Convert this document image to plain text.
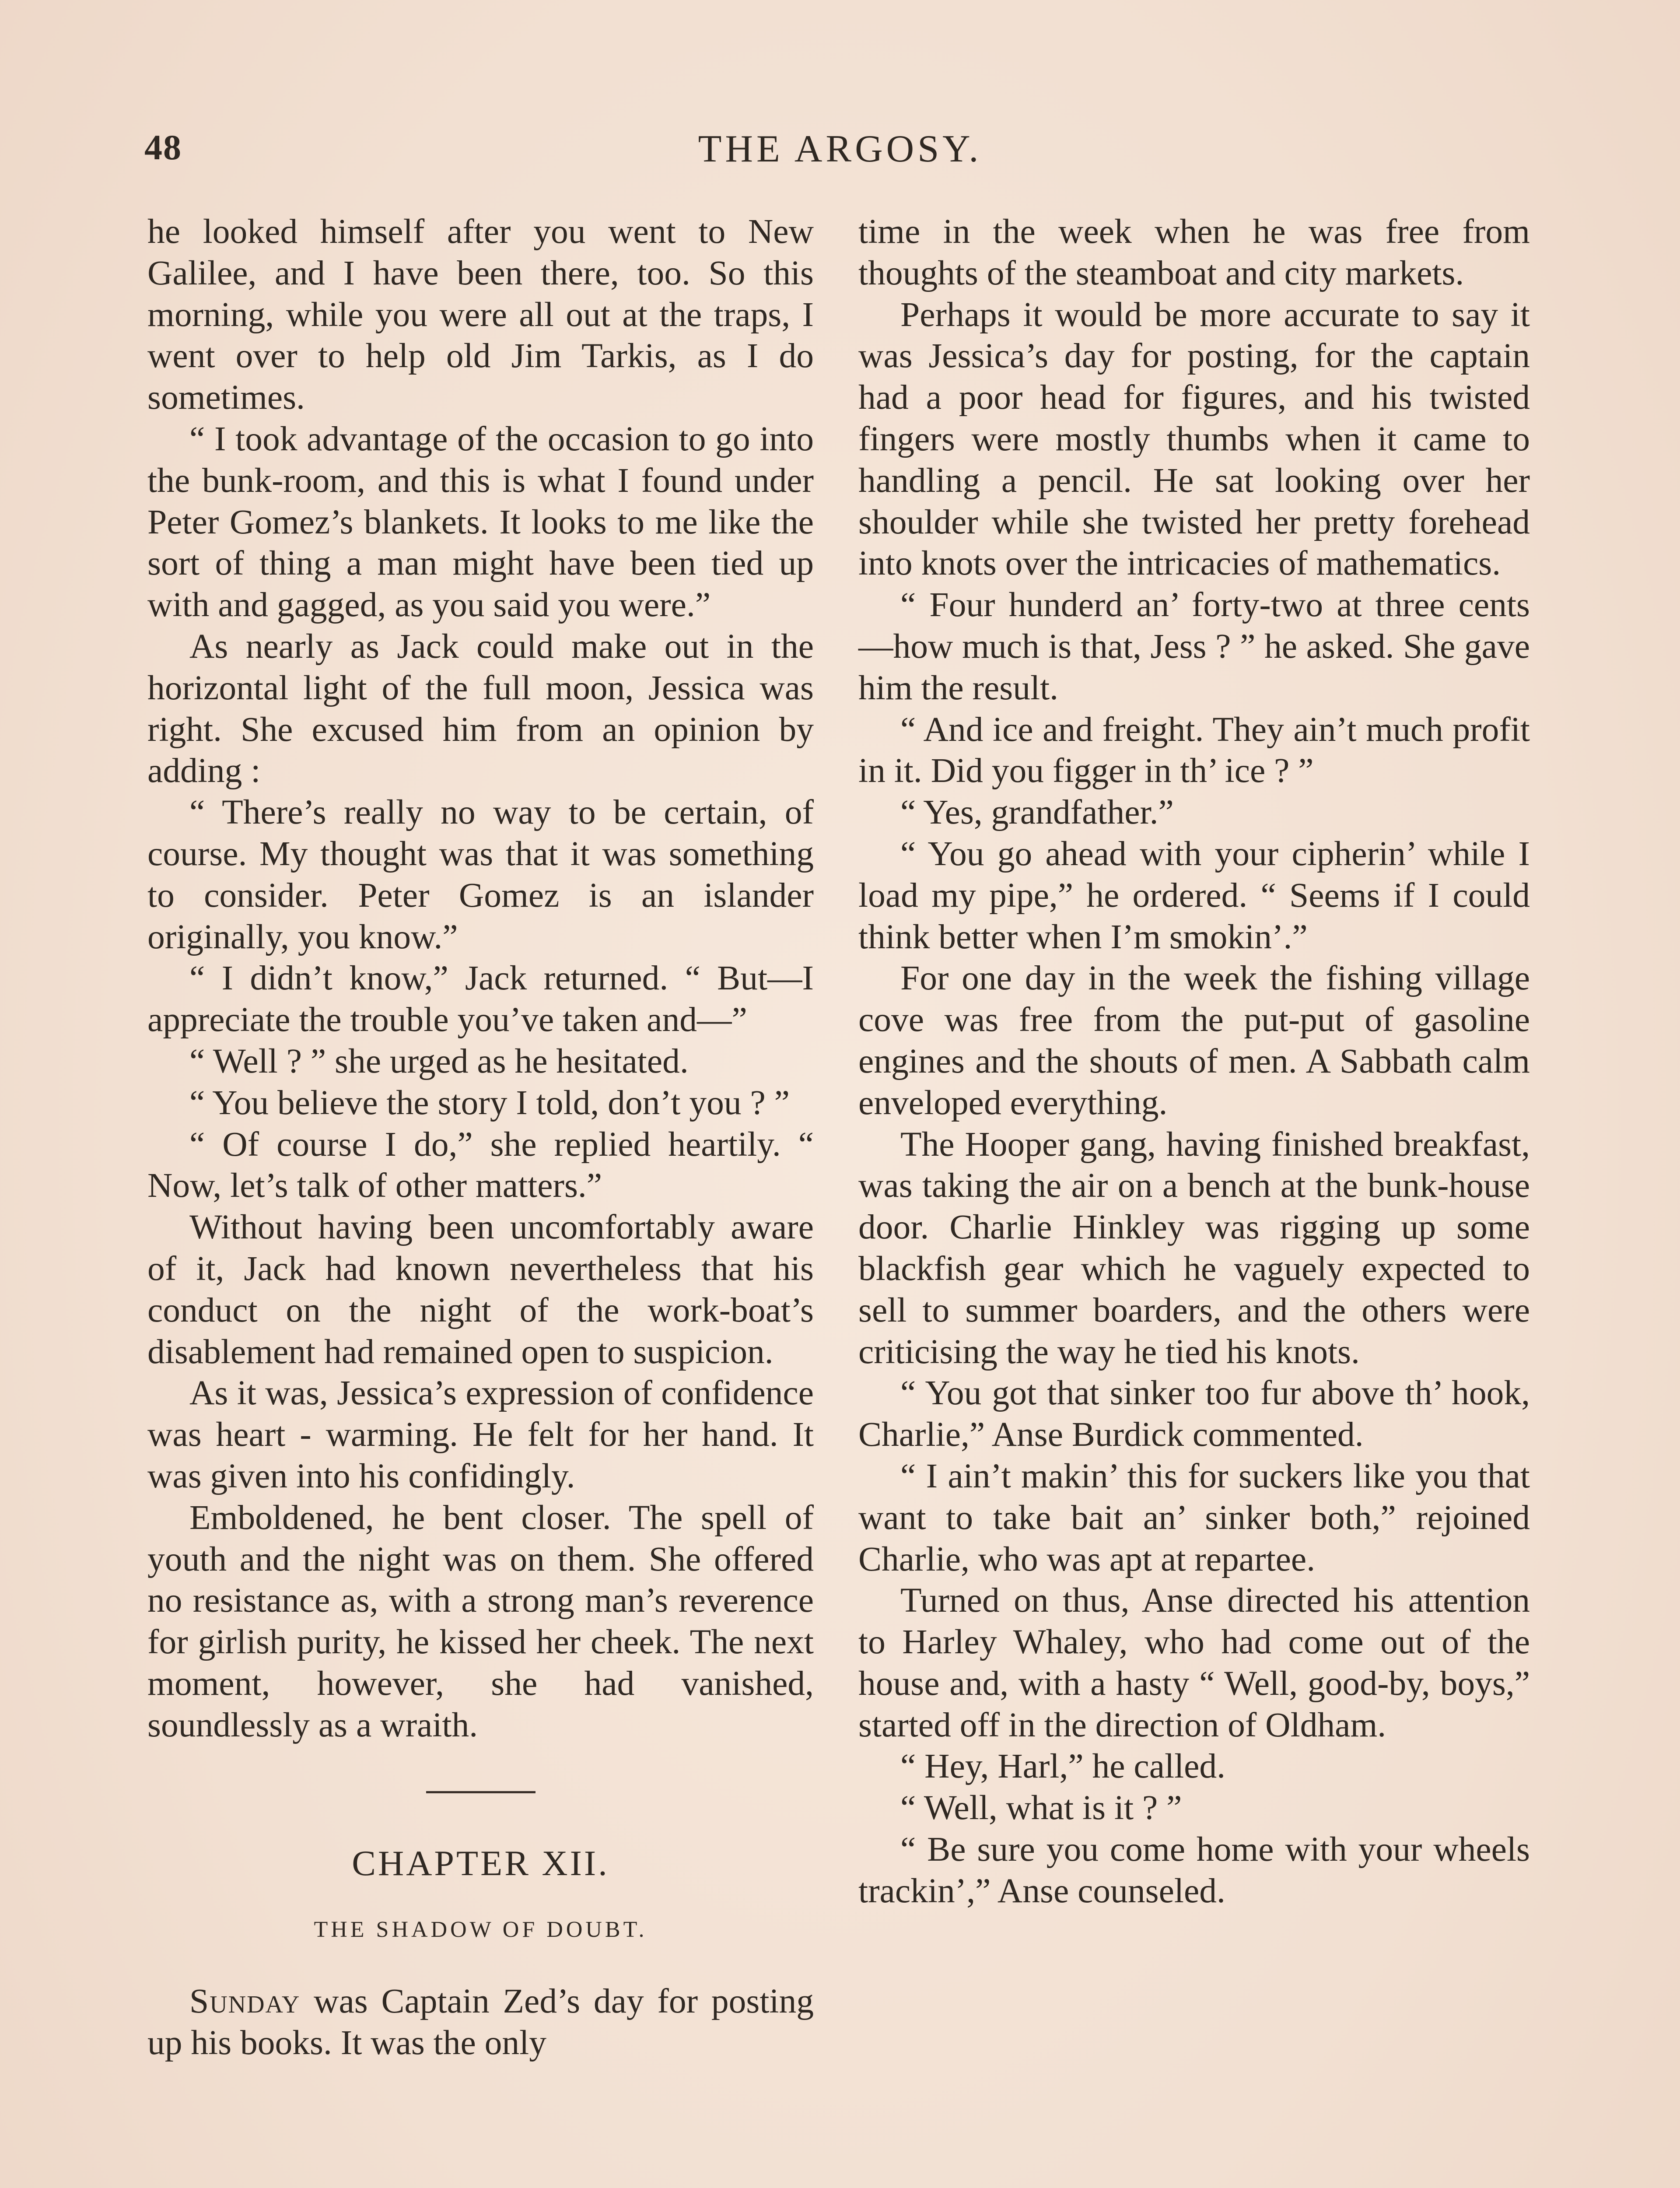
48	THE ARGOSY.

he looked himself after you went to New Galilee, and I have been there, too. So this morning, while you were all out at the traps, I went over to help old Jim Tarkis, as I do sometimes.

“ I took advantage of the occasion to go into the bunk-room, and this is what I found under Peter Gomez’s blankets. It looks to me like the sort of thing a man might have been tied up with and gagged, as you said you were.”

As nearly as Jack could make out in the horizontal light of the full moon, Jessica was right. She excused him from an opinion by adding :

“ There’s really no way to be certain, of course. My thought was that it was something to consider. Peter Gomez is an islander originally, you know.”

“ I didn’t know,” Jack returned. “ But—I appreciate the trouble you’ve taken and—”

“ Well ? ” she urged as he hesitated.

“ You believe the story I told, don’t you ? ”

“ Of course I do,” she replied heartily. “ Now, let’s talk of other matters.”

Without having been uncomfortably aware of it, Jack had known nevertheless that his conduct on the night of the work-boat’s disablement had remained open to suspicion.

As it was, Jessica’s expression of confidence was heart - warming. He felt for her hand. It was given into his confidingly.

Emboldened, he bent closer. The spell of youth and the night was on them. She offered no resistance as, with a strong man’s reverence for girlish purity, he kissed her cheek. The next moment, however, she had vanished, soundlessly as a wraith.

CHAPTER XII.
THE SHADOW OF DOUBT.

Sunday was Captain Zed’s day for posting up his books. It was the only

time in the week when he was free from thoughts of the steamboat and city markets.

Perhaps it would be more accurate to say it was Jessica’s day for posting, for the captain had a poor head for figures, and his twisted fingers were mostly thumbs when it came to handling a pencil. He sat looking over her shoulder while she twisted her pretty forehead into knots over the intricacies of mathematics.

“ Four hunderd an’ forty-two at three cents—how much is that, Jess ? ” he asked. She gave him the result.

“ And ice and freight. They ain’t much profit in it. Did you figger in th’ ice ? ”

“ Yes, grandfather.”

“ You go ahead with your cipherin’ while I load my pipe,” he ordered. “ Seems if I could think better when I’m smokin’.”

For one day in the week the fishing village cove was free from the put-put of gasoline engines and the shouts of men. A Sabbath calm enveloped everything.

The Hooper gang, having finished breakfast, was taking the air on a bench at the bunk-house door. Charlie Hinkley was rigging up some blackfish gear which he vaguely expected to sell to summer boarders, and the others were criticising the way he tied his knots.

“ You got that sinker too fur above th’ hook, Charlie,” Anse Burdick commented.

“ I ain’t makin’ this for suckers like you that want to take bait an’ sinker both,” rejoined Charlie, who was apt at repartee.

Turned on thus, Anse directed his attention to Harley Whaley, who had come out of the house and, with a hasty “ Well, good-by, boys,” started off in the direction of Oldham.

“ Hey, Harl,” he called.

“ Well, what is it ? ”

“ Be sure you come home with your wheels trackin’,” Anse counseled.
